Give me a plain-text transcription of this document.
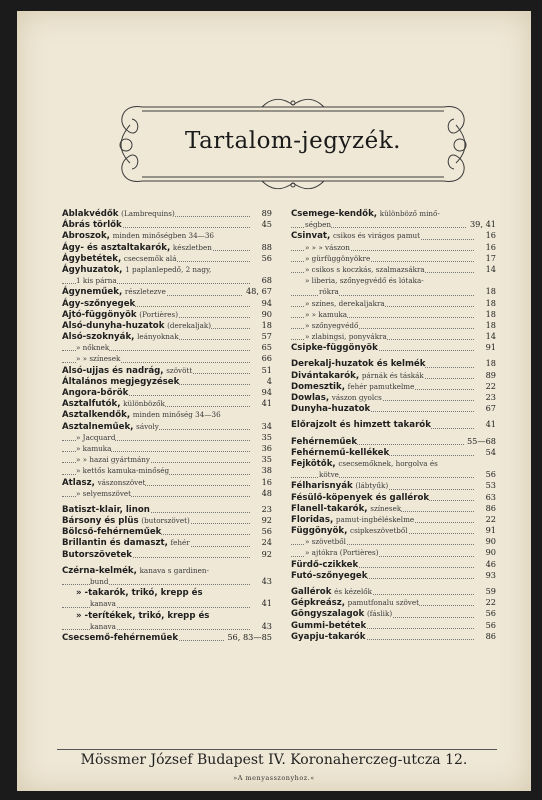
Tartalom-jegyzék.
Ablakvédők (Lambrequins)	89
Ábrás törlők	45
Abroszok, minden minőségben 34—36
Ágy- és asztaltakarók, készletben	88
Ágybetétek, csecsemők alá	56
Ágyhuzatok, 1 paplanlepedő, 2 nagy,
1 kis párna	68
Ágyneműek, részletezve	48, 67
Ágy-szőnyegek	94
Ajtó-függönyök (Portières)	90
Alsó-dunyha-huzatok (derekaljak)	18
Alsó-szoknyák, leányoknak	57
» nőknek	65
» » színesek	66
Alsó-ujjas és nadrág, szövött	51
Általános megjegyzések	4
Angora-bőrök	94
Asztalfutók, különbözők	41
Asztalkendők, minden minőség 34—36
Asztalneműek, sávoly	34
» Jacquard	35
» kamuka	36
» » hazai gyártmány	35
» kettős kamuka-minőség	38
Atlasz, vászonszövet	16
» selyemszövet	48
Batiszt-klair, linon	23
Bársony és plüs (butorszövet)	92
Bölcső-fehérneműek	56
Brillantin és damaszt, fehér	24
Butorszövetek	92
Czérna-kelmék, kanava s gardinen-
bund	43
» -takarók, trikó, krepp és
kanava	41
» -terítékek, trikó, krepp és
kanava	43
Csecsemő-fehérneműek	56, 83—85
Csemege-kendők, különböző minő-
ségben	39, 41
Csinvat, csikos és virágos pamut	16
» » » vászon	16
» gürfüggönyökre	17
» csikos s koczkás, szalmazsákra	14
» liberia, szőnyegvédő és lótaka-
rókra	18
» színes, derekaljakra	18
» » kamuka	18
» szőnyegvédő	18
» zlabingsi, ponyvákra	14
Csipke-függönyök	91
Derekalj-huzatok és kelmék	18
Divántakarók, párnák és táskák	89
Domesztik, fehér pamutkelme	22
Dowlas, vászon gyolcs	23
Dunyha-huzatok	67
Előrajzolt és himzett takarók	41
Fehérneműek	55—68
Fehérnemű-kellékek	54
Fejkötők, csecsemőknek, horgolva és
kötve	56
Félharisnyák (lábtyűk)	53
Fésülő-köpenyek és gallérok	63
Flanell-takarók, színesek	86
Floridas, pamut-ingbéléskelme	22
Függönyök, csipkeszövetből	91
» szövetből	90
» ajtókra (Portières)	90
Fürdő-czikkek	46
Futó-szőnyegek	93
Gallérok és kézelők	59
Gépkreász, pamutfonalu szövet	22
Göngyszalagok (fáslik)	56
Gummi-betétek	56
Gyapju-takarók	86
Mössmer József Budapest IV. Koronaherczeg-utcza 12.
»A menyasszonyhoz.«
